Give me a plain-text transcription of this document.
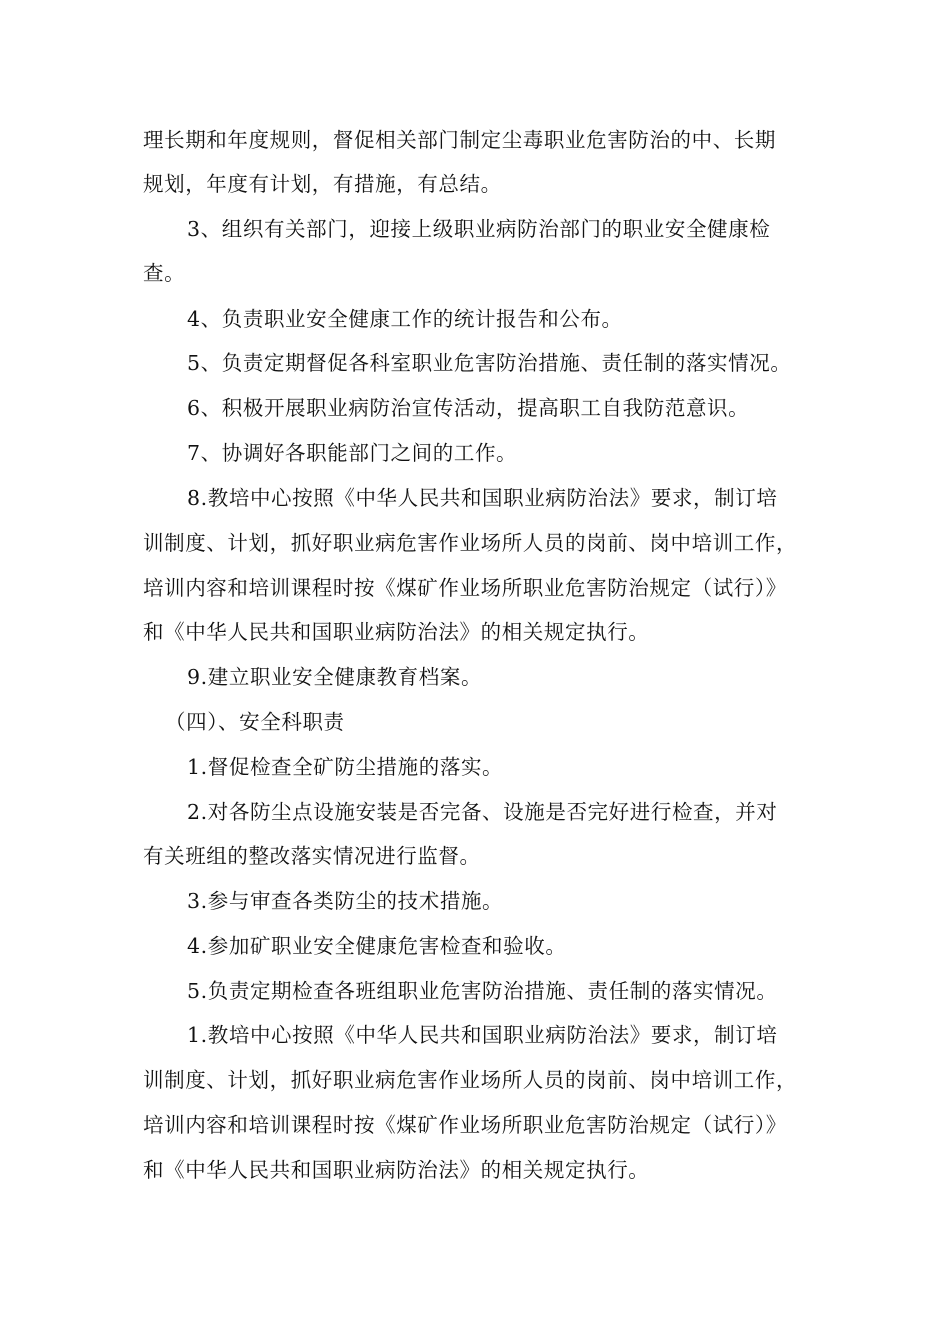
理长期和年度规则，督促相关部门制定尘毒职业危害防治的中、长期
规划，年度有计划，有措施，有总结。
3、组织有关部门，迎接上级职业病防治部门的职业安全健康检
查。
4、负责职业安全健康工作的统计报告和公布。
5、负责定期督促各科室职业危害防治措施、责任制的落实情况。
6、积极开展职业病防治宣传活动，提高职工自我防范意识。
7、协调好各职能部门之间的工作。
8.教培中心按照《中华人民共和国职业病防治法》要求，制订培
训制度、计划，抓好职业病危害作业场所人员的岗前、岗中培训工作，
培训内容和培训课程时按《煤矿作业场所职业危害防治规定（试行）》
和《中华人民共和国职业病防治法》的相关规定执行。
9.建立职业安全健康教育档案。
（四）、安全科职责
1.督促检查全矿防尘措施的落实。
2.对各防尘点设施安装是否完备、设施是否完好进行检查，并对
有关班组的整改落实情况进行监督。
3.参与审查各类防尘的技术措施。
4.参加矿职业安全健康危害检查和验收。
5.负责定期检查各班组职业危害防治措施、责任制的落实情况。
1.教培中心按照《中华人民共和国职业病防治法》要求，制订培
训制度、计划，抓好职业病危害作业场所人员的岗前、岗中培训工作，
培训内容和培训课程时按《煤矿作业场所职业危害防治规定（试行）》
和《中华人民共和国职业病防治法》的相关规定执行。
